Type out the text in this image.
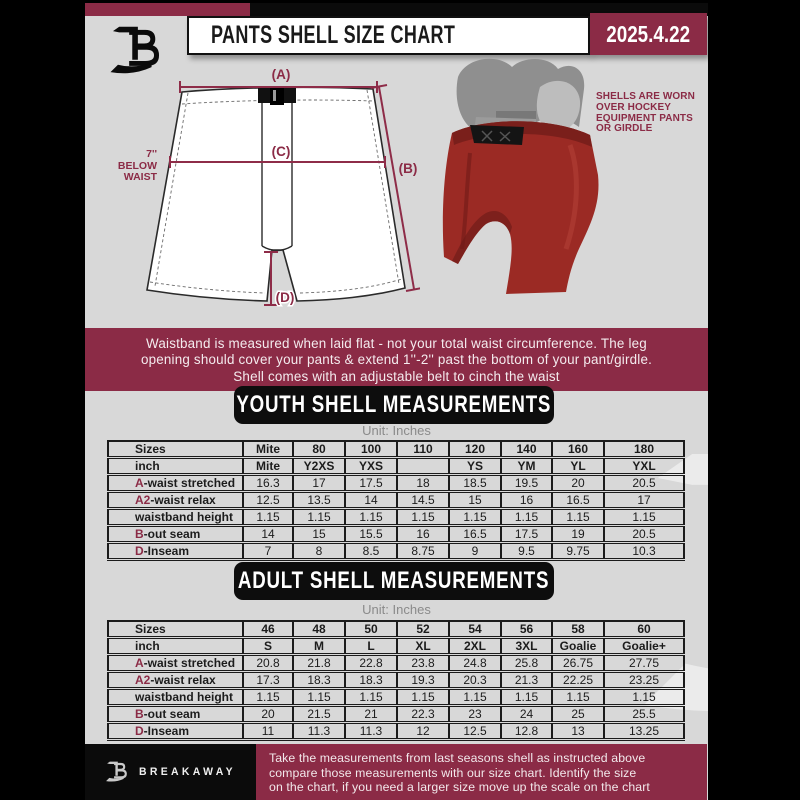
PANTS SHELL SIZE CHART	2025.4.22
(A)
(C)
(B)
(D)
7'' BELOW
WAIST
SHELLS ARE WORN
OVER HOCKEY
EQUIPMENT PANTS
OR GIRDLE
Waistband is measured when laid flat - not your total waist circumference. The leg
opening should cover your pants & extend 1''-2'' past the bottom of your pant/girdle.
Shell comes with an adjustable belt to cinch the waist
YOUTH SHELL MEASUREMENTS
Unit: Inches
Sizes	Mite	80	100	110	120	140	160	180
inch	Mite	Y2XS	YXS		YS	YM	YL	YXL
A-waist stretched	16.3	17	17.5	18	18.5	19.5	20	20.5
A2-waist relax	12.5	13.5	14	14.5	15	16	16.5	17
waistband height	1.15	1.15	1.15	1.15	1.15	1.15	1.15	1.15
B-out seam	14	15	15.5	16	16.5	17.5	19	20.5
D-Inseam	7	8	8.5	8.75	9	9.5	9.75	10.3
ADULT SHELL MEASUREMENTS
Unit: Inches
Sizes	46	48	50	52	54	56	58	60
inch	S	M	L	XL	2XL	3XL	Goalie	Goalie+
A-waist stretched	20.8	21.8	22.8	23.8	24.8	25.8	26.75	27.75
A2-waist relax	17.3	18.3	18.3	19.3	20.3	21.3	22.25	23.25
waistband height	1.15	1.15	1.15	1.15	1.15	1.15	1.15	1.15
B-out seam	20	21.5	21	22.3	23	24	25	25.5
D-Inseam	11	11.3	11.3	12	12.5	12.8	13	13.25
BREAKAWAY
Take the measurements from last seasons shell as instructed above
compare those measurements with our size chart. Identify the size
on the chart, if you need a larger size move up the scale on the chart
